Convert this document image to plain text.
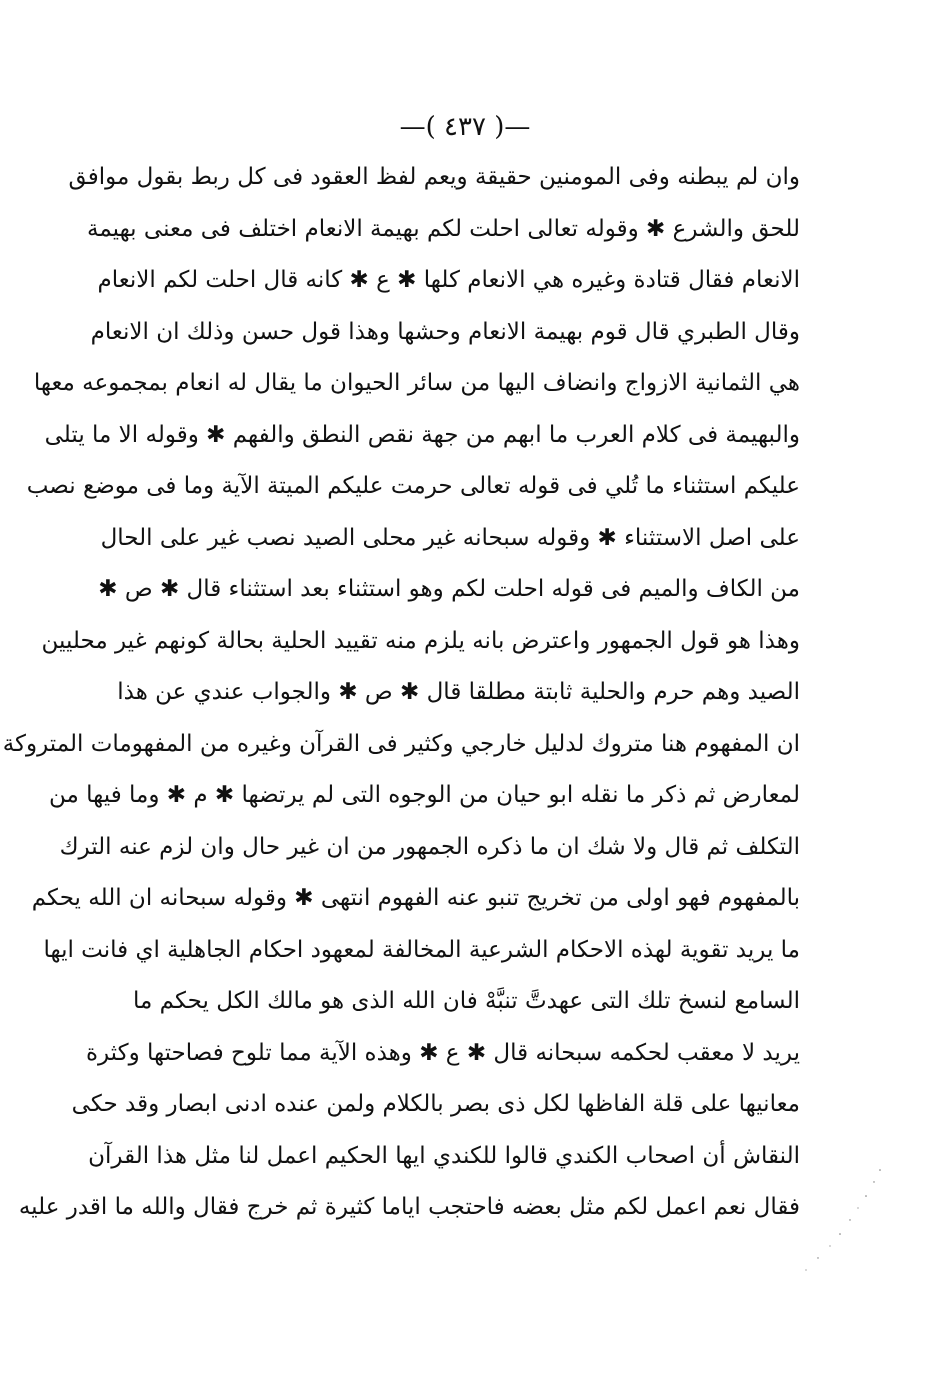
—( ٤٣٧ )—
وان لم يبطنه وفى المومنين حقيقة ويعم لفظ العقود فى كل ربط بقول موافق
للحق والشرع ✱ وقوله تعالى احلت لكم بهيمة الانعام اختلف فى معنى بهيمة
الانعام فقال قتادة وغيره هي الانعام كلها ✱ ع ✱ كانه قال احلت لكم الانعام
وقال الطبري قال قوم بهيمة الانعام وحشها وهذا قول حسن وذلك ان الانعام
هي الثمانية الازواج وانضاف اليها من سائر الحيوان ما يقال له انعام بمجموعه معها
والبهيمة فى كلام العرب ما ابهم من جهة نقص النطق والفهم ✱ وقوله الا ما يتلى
عليكم استثناء ما تُلي فى قوله تعالى حرمت عليكم الميتة الآية وما فى موضع نصب
على اصل الاستثناء ✱ وقوله سبحانه غير محلى الصيد نصب غير على الحال
من الكاف والميم فى قوله احلت لكم وهو استثناء بعد استثناء قال ✱ ص ✱
وهذا هو قول الجمهور واعترض بانه يلزم منه تقييد الحلية بحالة كونهم غير محليين
الصيد وهم حرم والحلية ثابتة مطلقا قال ✱ ص ✱ والجواب عندي عن هذا
ان المفهوم هنا متروك لدليل خارجي وكثير فى القرآن وغيره من المفهومات المتروكة
لمعارض ثم ذكر ما نقله ابو حيان من الوجوه التى لم يرتضها ✱ م ✱ وما فيها من
التكلف ثم قال ولا شك ان ما ذكره الجمهور من ان غير حال وان لزم عنه الترك
بالمفهوم فهو اولى من تخريج تنبو عنه الفهوم انتهى ✱ وقوله سبحانه ان الله يحكم
ما يريد تقوية لهذه الاحكام الشرعية المخالفة لمعهود احكام الجاهلية اي فانت ايها
السامع لنسخ تلك التى عهدتَّ تنبَّهْ فان الله الذى هو مالك الكل يحكم ما
يريد لا معقب لحكمه سبحانه قال ✱ ع ✱ وهذه الآية مما تلوح فصاحتها وكثرة
معانيها على قلة الفاظها لكل ذى بصر بالكلام ولمن عنده ادنى ابصار وقد حكى
النقاش أن اصحاب الكندي قالوا للكندي ايها الحكيم اعمل لنا مثل هذا القرآن
فقال نعم اعمل لكم مثل بعضه فاحتجب اياما كثيرة ثم خرج فقال والله ما اقدر عليه
